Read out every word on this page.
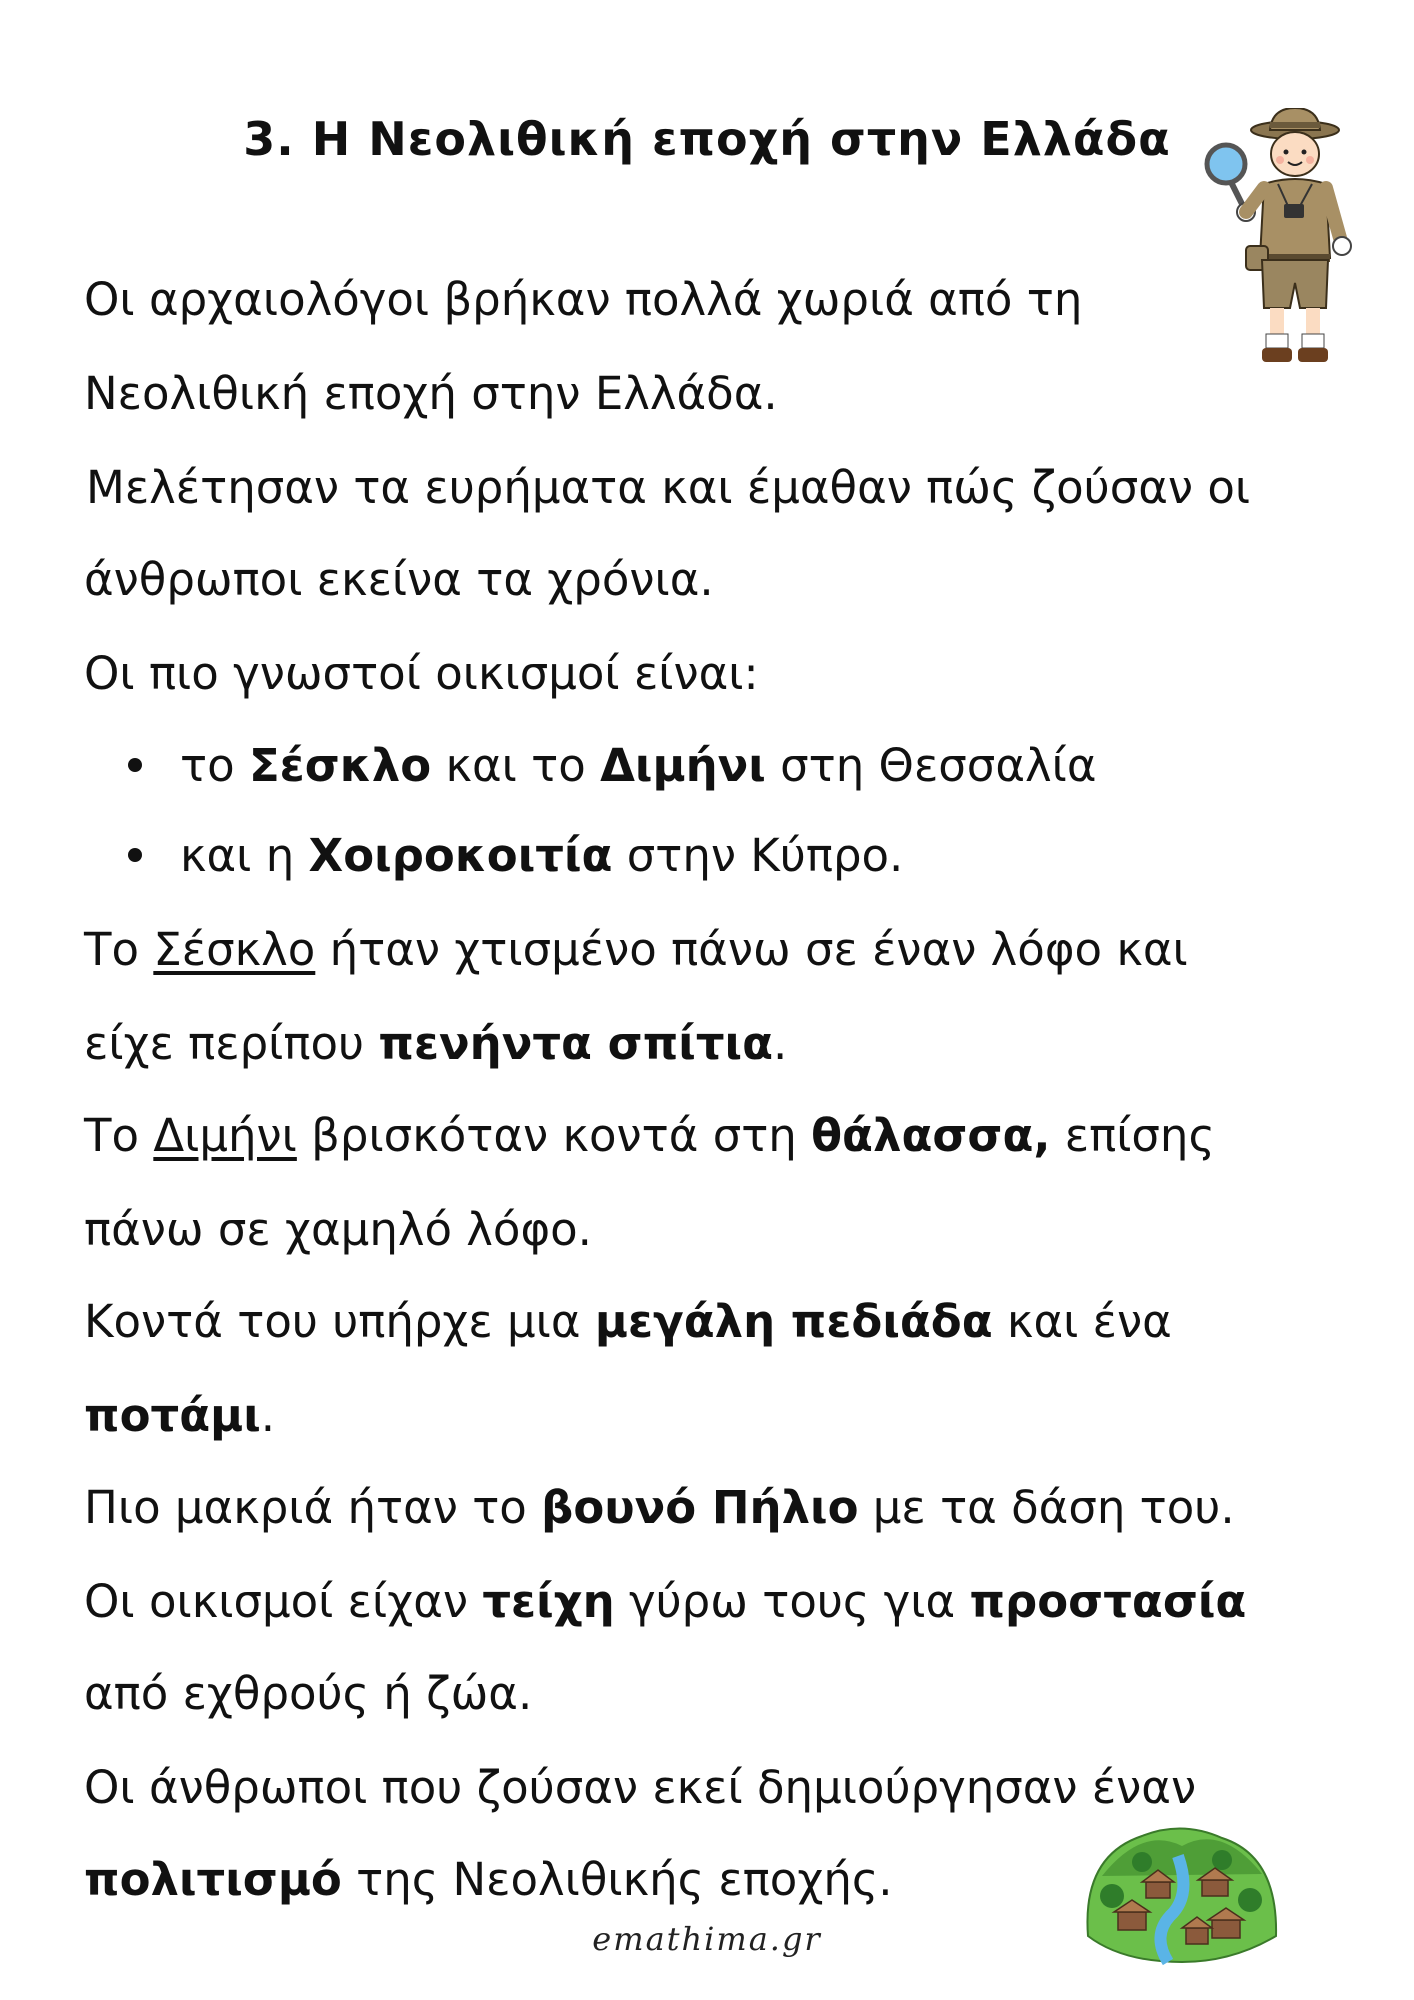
3. Η Νεολιθική εποχή στην Ελλάδα
Οι αρχαιολόγοι βρήκαν πολλά χωριά από τη
Νεολιθική εποχή στην Ελλάδα.
Μελέτησαν τα ευρήματα και έμαθαν πώς ζούσαν οι
άνθρωποι εκείνα τα χρόνια.
Οι πιο γνωστοί οικισμοί είναι:
το Σέσκλο και το Διμήνι στη Θεσσαλία
και η Χοιροκοιτία στην Κύπρο.
Το Σέσκλο ήταν χτισμένο πάνω σε έναν λόφο και
είχε περίπου πενήντα σπίτια.
Το Διμήνι βρισκόταν κοντά στη θάλασσα, επίσης
πάνω σε χαμηλό λόφο.
Κοντά του υπήρχε μια μεγάλη πεδιάδα και ένα
ποτάμι.
Πιο μακριά ήταν το βουνό Πήλιο με τα δάση του.
Οι οικισμοί είχαν τείχη γύρω τους για προστασία
από εχθρούς ή ζώα.
Οι άνθρωποι που ζούσαν εκεί δημιούργησαν έναν
πολιτισμό της Νεολιθικής εποχής.
emathima.gr
